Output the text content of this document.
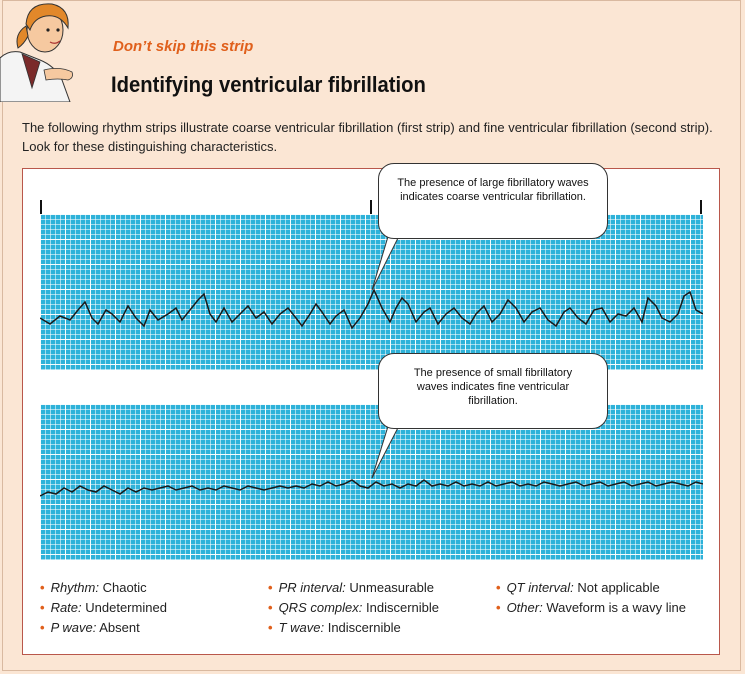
Don’t skip this strip
Identifying ventricular fibrillation
The following rhythm strips illustrate coarse ventricular fibrillation (first strip) and fine ventricular fibrillation (second strip). Look for these distinguishing characteristics.
The presence of large fibrillatory waves indicates coarse ventricular fibrillation.
The presence of small fibrillatory waves indicates fine ventricular fibrillation.
• Rhythm: Chaotic
• Rate: Undetermined
• P wave: Absent
• PR interval: Unmeasurable
• QRS complex: Indiscernible
• T wave: Indiscernible
• QT interval: Not applicable
• Other: Waveform is a wavy line
